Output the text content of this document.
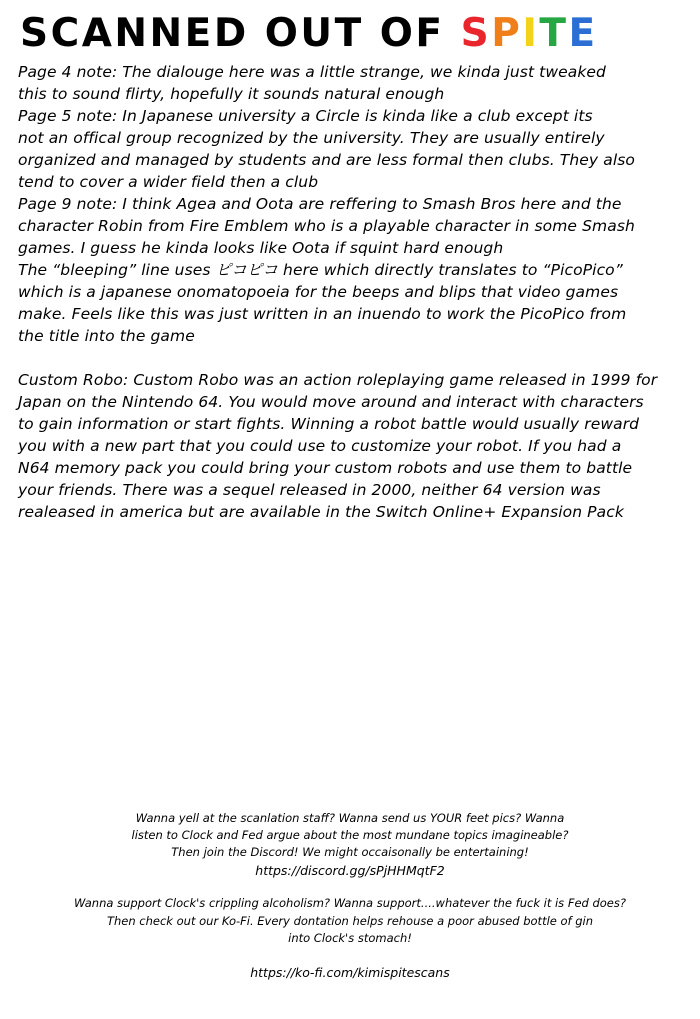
SCANNED OUT OF SPITE
Page 4 note: The dialouge here was a little strange, we kinda just tweaked
this to sound flirty, hopefully it sounds natural enough
Page 5 note: In Japanese university a Circle is kinda like a club except its
not an offical group recognized by the university. They are usually entirely
organized and managed by students and are less formal then clubs. They also
tend to cover a wider field then a club
Page 9 note: I think Agea and Oota are reffering to Smash Bros here and the
character Robin from Fire Emblem who is a playable character in some Smash
games. I guess he kinda looks like Oota if squint hard enough
The “bleeping” line uses ピコピコ here which directly translates to “PicoPico”
which is a japanese onomatopoeia for the beeps and blips that video games
make. Feels like this was just written in an inuendo to work the PicoPico from
the title into the game
Custom Robo: Custom Robo was an action roleplaying game released in 1999 for
Japan on the Nintendo 64. You would move around and interact with characters
to gain information or start fights. Winning a robot battle would usually reward
you with a new part that you could use to customize your robot. If you had a
N64 memory pack you could bring your custom robots and use them to battle
your friends. There was a sequel released in 2000, neither 64 version was
realeased in america but are available in the Switch Online+ Expansion Pack
Wanna yell at the scanlation staff? Wanna send us YOUR feet pics? Wanna
listen to Clock and Fed argue about the most mundane topics imagineable?
Then join the Discord! We might occaisonally be entertaining!
https://discord.gg/sPjHHMqtF2
Wanna support Clock's crippling alcoholism? Wanna support....whatever the fuck it is Fed does?
Then check out our Ko-Fi. Every dontation helps rehouse a poor abused bottle of gin
into Clock's stomach!
https://ko-fi.com/kimispitescans
